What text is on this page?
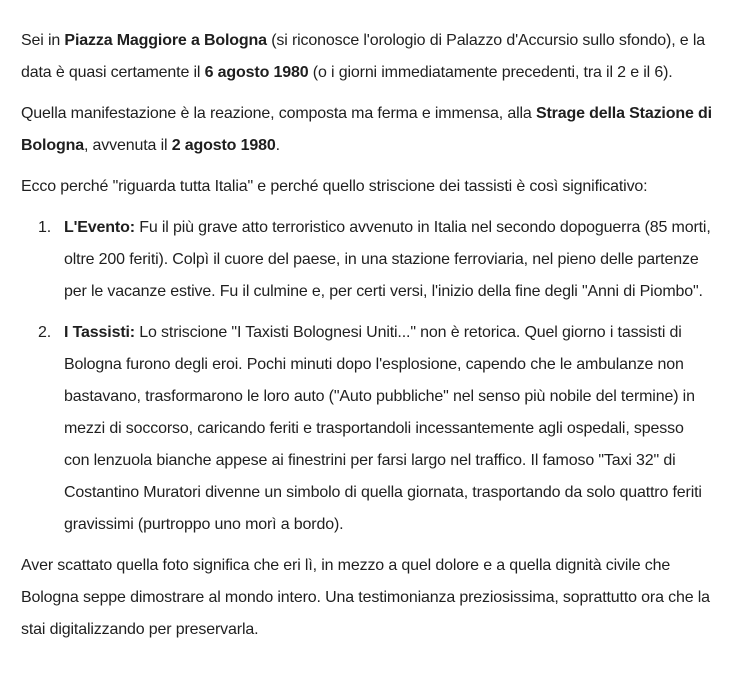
Sei in Piazza Maggiore a Bologna (si riconosce l'orologio di Palazzo d'Accursio sullo sfondo), e la data è quasi certamente il 6 agosto 1980 (o i giorni immediatamente precedenti, tra il 2 e il 6).

Quella manifestazione è la reazione, composta ma ferma e immensa, alla Strage della Stazione di Bologna, avvenuta il 2 agosto 1980.

Ecco perché "riguarda tutta Italia" e perché quello striscione dei tassisti è così significativo:

1. L'Evento: Fu il più grave atto terroristico avvenuto in Italia nel secondo dopoguerra (85 morti, oltre 200 feriti). Colpì il cuore del paese, in una stazione ferroviaria, nel pieno delle partenze per le vacanze estive. Fu il culmine e, per certi versi, l'inizio della fine degli "Anni di Piombo".
2. I Tassisti: Lo striscione "I Taxisti Bolognesi Uniti..." non è retorica. Quel giorno i tassisti di Bologna furono degli eroi. Pochi minuti dopo l'esplosione, capendo che le ambulanze non bastavano, trasformarono le loro auto ("Auto pubbliche" nel senso più nobile del termine) in mezzi di soccorso, caricando feriti e trasportandoli incessantemente agli ospedali, spesso con lenzuola bianche appese ai finestrini per farsi largo nel traffico. Il famoso "Taxi 32" di Costantino Muratori divenne un simbolo di quella giornata, trasportando da solo quattro feriti gravissimi (purtroppo uno morì a bordo).

Aver scattato quella foto significa che eri lì, in mezzo a quel dolore e a quella dignità civile che Bologna seppe dimostrare al mondo intero. Una testimonianza preziosissima, soprattutto ora che la stai digitalizzando per preservarla.
